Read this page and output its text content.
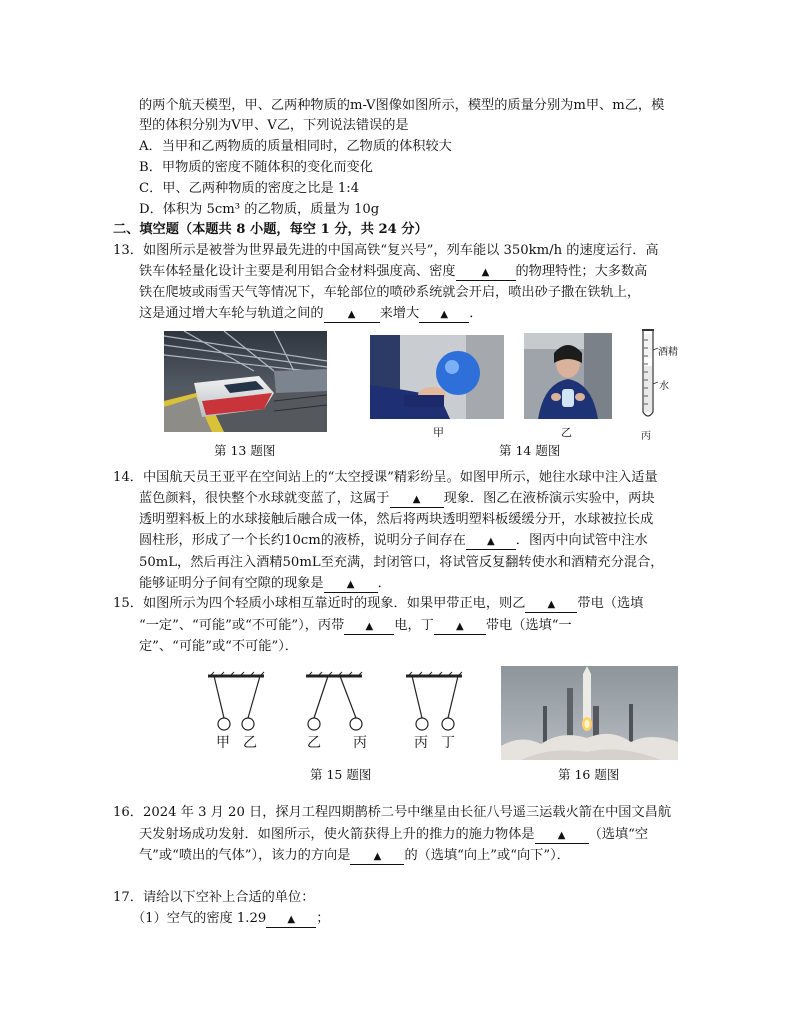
的两个航天模型，甲、乙两种物质的m-V图像如图所示，模型的质量分别为m甲、m乙，模
型的体积分别为V甲、V乙，下列说法错误的是
A．当甲和乙两物质的质量相同时，乙物质的体积较大
B．甲物质的密度不随体积的变化而变化
C．甲、乙两种物质的密度之比是 1:4
D．体积为 5cm³ 的乙物质，质量为 10g
二、填空题（本题共 8 小题，每空 1 分，共 24 分）
13．如图所示是被誉为世界最先进的中国高铁“复兴号”，列车能以 350km/h 的速度运行．高
铁车体轻量化设计主要是利用铝合金材料强度高、密度	▲ 的物理特性；大多数高
铁在爬坡或雨雪天气等情况下，车轮部位的喷砂系统就会开启，喷出砂子撒在铁轨上，
这是通过增大车轮与轨道之间的 ▲ 来增大 ▲ ．
甲	乙
酒精
水
丙
第 13 题图	第 14 题图
14．中国航天员王亚平在空间站上的“太空授课”精彩纷呈。如图甲所示，她往水球中注入适量
蓝色颜料，很快整个水球就变蓝了，这属于 ▲ 现象．图乙在液桥演示实验中，两块
透明塑料板上的水球接触后融合成一体，然后将两块透明塑料板缓缓分开，水球被拉长成
圆柱形，形成了一个长约10cm的液桥，说明分子间存在 ▲ ．图丙中向试管中注水
50mL，然后再注入酒精50mL至充满，封闭管口，将试管反复翻转使水和酒精充分混合，
能够证明分子间有空隙的现象是 ▲ ．
15．如图所示为四个轻质小球相互靠近时的现象．如果甲带正电，则乙 ▲ 带电（选填
“一定”、“可能”或“不可能”），丙带 ▲ 电，丁 ▲ 带电（选填“一
定”、“可能”或“不可能”）．
甲 乙	乙 丙	丙 丁
第 15 题图	第 16 题图
16．2024 年 3 月 20 日，探月工程四期鹊桥二号中继星由长征八号遥三运载火箭在中国文昌航
天发射场成功发射．如图所示，使火箭获得上升的推力的施力物体是 ▲ （选填“空
气”或“喷出的气体”），该力的方向是 ▲ 的（选填“向上”或“向下”）．
17．请给以下空补上合适的单位：
（1）空气的密度 1.29 ▲ ；
